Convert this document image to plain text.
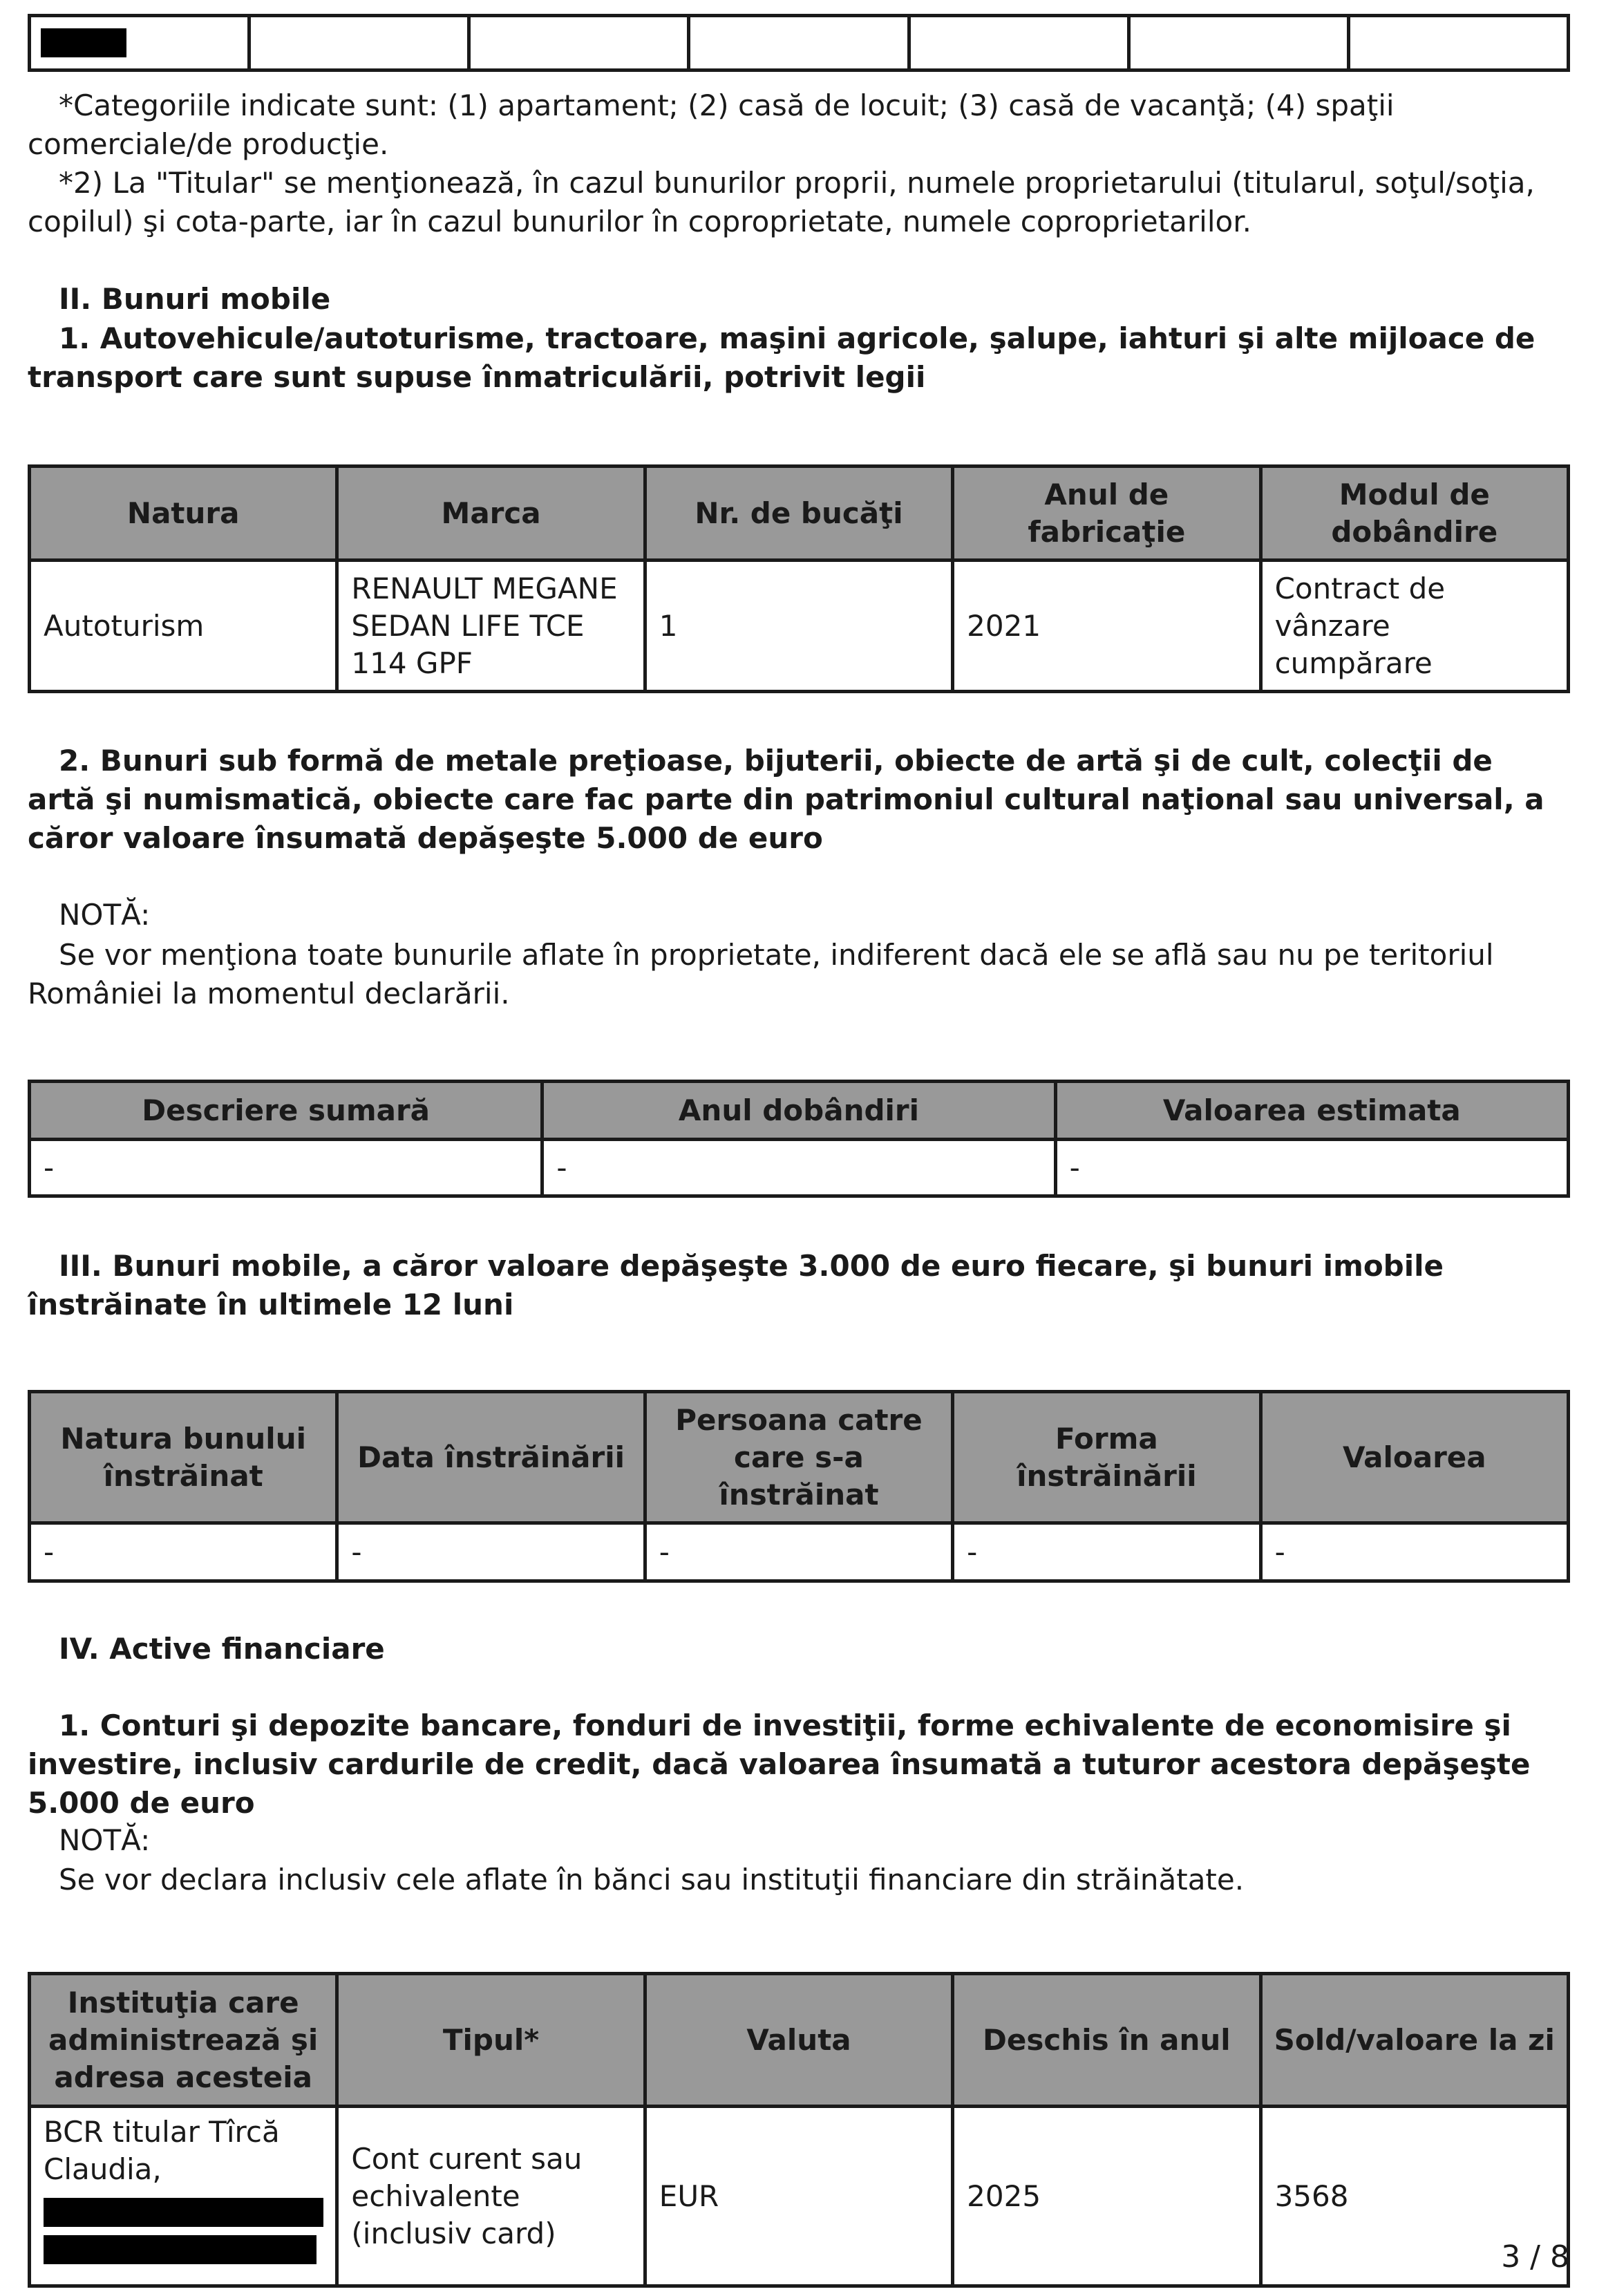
*Categoriile indicate sunt: (1) apartament; (2) casă de locuit; (3) casă de vacanţă; (4) spaţii comerciale/de producţie.

*2) La "Titular" se menţionează, în cazul bunurilor proprii, numele proprietarului (titularul, soţul/soţia, copilul) şi cota-parte, iar în cazul bunurilor în coproprietate, numele coproprietarilor.

II. Bunuri mobile

1. Autovehicule/autoturisme, tractoare, maşini agricole, şalupe, iahturi şi alte mijloace de transport care sunt supuse înmatriculării, potrivit legii

Natura	Marca	Nr. de bucăţi	Anul de fabricaţie	Modul de dobândire
Autoturism	RENAULT MEGANE SEDAN LIFE TCE 114 GPF	1	2021	Contract de vânzare cumpărare

2. Bunuri sub formă de metale preţioase, bijuterii, obiecte de artă şi de cult, colecţii de artă şi numismatică, obiecte care fac parte din patrimoniul cultural naţional sau universal, a căror valoare însumată depăşeşte 5.000 de euro

NOTĂ:

Se vor menţiona toate bunurile aflate în proprietate, indiferent dacă ele se află sau nu pe teritoriul României la momentul declarării.

Descriere sumară	Anul dobândiri	Valoarea estimata
-	-	-

III. Bunuri mobile, a căror valoare depăşeşte 3.000 de euro fiecare, şi bunuri imobile înstrăinate în ultimele 12 luni

Natura bunului înstrăinat	Data înstrăinării	Persoana catre care s-a înstrăinat	Forma înstrăinării	Valoarea
-	-	-	-	-

IV. Active financiare

1. Conturi şi depozite bancare, fonduri de investiţii, forme echivalente de economisire şi investire, inclusiv cardurile de credit, dacă valoarea însumată a tuturor acestora depăşeşte 5.000 de euro

NOTĂ:

Se vor declara inclusiv cele aflate în bănci sau instituţii financiare din străinătate.

Instituţia care administrează şi adresa acesteia	Tipul*	Valuta	Deschis în anul	Sold/valoare la zi
BCR titular Tîrcă Claudia,	Cont curent sau echivalente (inclusiv card)	EUR	2025	3568
3 / 8
